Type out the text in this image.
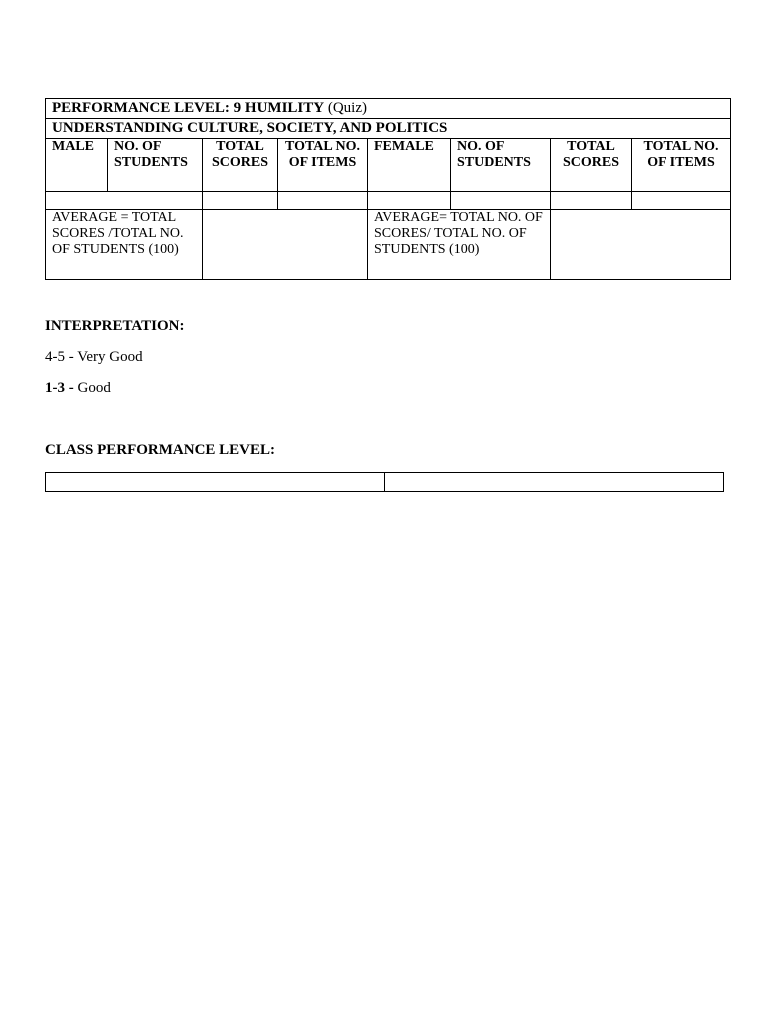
PERFORMANCE LEVEL: 9 HUMILITY (Quiz)							
UNDERSTANDING CULTURE, SOCIETY, AND POLITICS							
MALE	NO. OF STUDENTS	TOTAL SCORES	TOTAL NO. OF ITEMS	FEMALE	NO. OF STUDENTS	TOTAL SCORES	TOTAL NO. OF ITEMS

AVERAGE = TOTAL SCORES /TOTAL NO. OF STUDENTS (100)				AVERAGE= TOTAL NO. OF SCORES/ TOTAL NO. OF STUDENTS (100)			
INTERPRETATION:
4-5 - Very Good
1-3 - Good
CLASS PERFORMANCE LEVEL:
